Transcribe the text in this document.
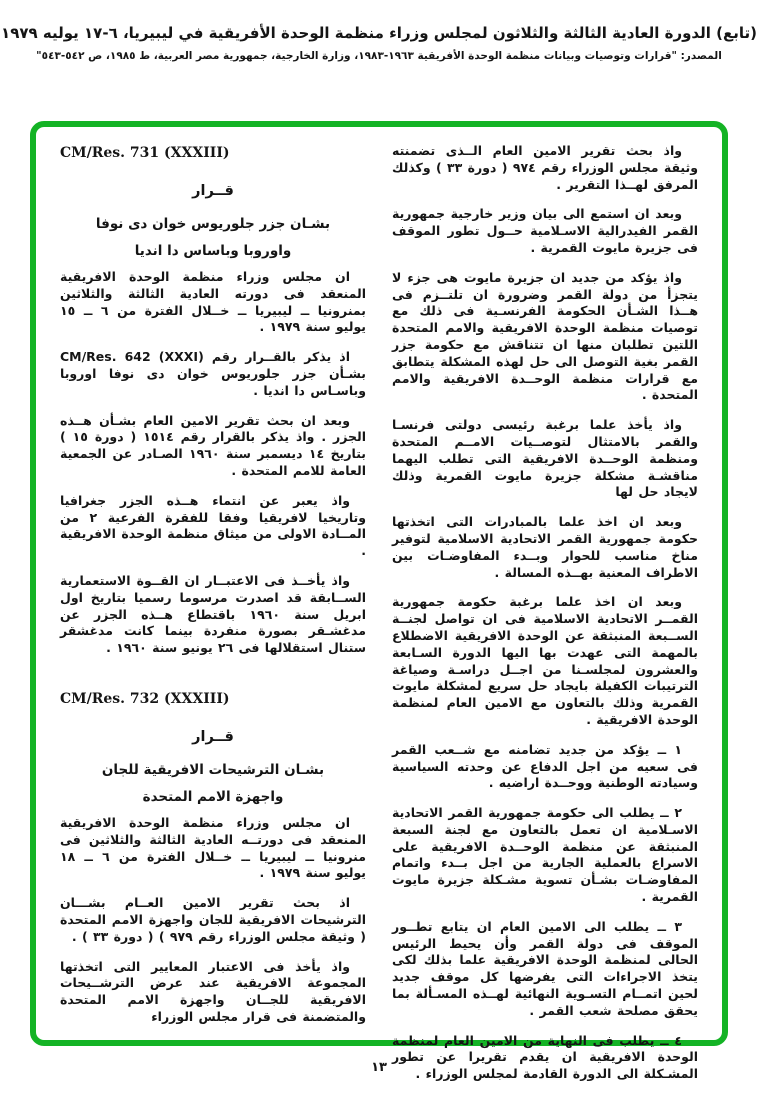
(تابع) الدورة العادية الثالثة والثلاثون لمجلس وزراء منظمة الوحدة الأفريقية في ليبيريا، ٦-١٧ يوليه ١٩٧٩
المصدر: "قرارات وتوصيات وبيانات منظمة الوحدة الأفريقية ١٩٦٣-١٩٨٣، وزارة الخارجية، جمهورية مصر العربية، ط ١٩٨٥، ص ٥٤٢-٥٤٣"

واذ بحث تقرير الامين العام الــذى تضمنته وثيقة مجلس الوزراء رقم ٩٧٤ ( دورة ٣٣ ) وكذلك المرفق لهــذا التقرير .

وبعد ان استمع الى بيان وزير خارجية جمهورية القمر الفيدرالية الاسـلامية حــول تطور الموقف فى جزيرة مايوت القمرية .

واذ يؤكد من جديد ان جزيرة مايوت هى جزء لا يتجزأ من دولة القمر وضرورة ان تلتــزم فى هــذا الشـأن الحكومة الفرنسـية فى ذلك مع توصيات منظمة الوحدة الافريقية والامم المتحدة اللتين تطلبان منها ان تتناقش مع حكومة جزر القمر بغية التوصل الى حل لهذه المشكلة يتطابق مع قرارات منظمة الوحــدة الافريقية والامم المتحدة .

واذ يأخذ علما برغبة رئيسى دولتى فرنسـا والقمر بالامتثال لتوصــيات الامــم المتحدة ومنظمة الوحــدة الافريقية التى تطلب اليهما مناقشـة مشكلة جزيرة مايوت القمرية وذلك لايجاد حل لها

وبعد ان اخذ علما بالمبادرات التى اتخذتها حكومة جمهورية القمر الاتحادية الاسلامية لتوفير مناخ مناسب للحوار وبــدء المفاوضـات بين الاطراف المعنية بهــذه المسالة .

وبعد ان اخذ علما برغبة حكومة جمهورية القمــر الاتحادية الاسلامية فى ان تواصل لجنــة الســبعة المنبثقة عن الوحدة الافريقية الاضطلاع بالمهمة التى عهدت بها اليها الدورة السـابعة والعشرون لمجلسـنا من اجــل دراسـة وصياغة الترتيبات الكفيلة بايجاد حل سريع لمشكلة مايوت القمرية وذلك بالتعاون مع الامين العام لمنظمة الوحدة الافريقية .

١ ــ يؤكد من جديد تضامنه مع شــعب القمر فى سعيه من اجل الدفاع عن وحدته السياسية وسيادته الوطنية ووحــدة اراضيه .

٢ ــ يطلب الى حكومة جمهورية القمر الاتحادية الاسـلامية ان تعمل بالتعاون مع لجنة السبعة المنبثقة عن منظمة الوحــدة الافريقية على الاسراع بالعملية الجارية من اجل بــدء واتمام المفاوضـات بشـأن تسوية مشـكلة جزيرة مايوت القمرية .

٣ ــ يطلب الى الامين العام ان يتابع تطــور الموقف فى دولة القمر وأن يحيط الرئيس الحالى لمنظمة الوحدة الافريقية علما بذلك لكى يتخذ الاجراءات التى يفرضها كل موقف جديد لحين اتمــام التسـوية النهائية لهــذه المسـألة بما يحقق مصلحة شعب القمر .

٤ ــ يطلب فى النهاية من الامين العام لمنظمة الوحدة الافريقية ان يقدم تقريرا عن تطور المشـكلة الى الدورة القادمة لمجلس الوزراء .

CM/Res. 731 (XXXIII)
قــرار
بشـان جزر جلوريوس خوان دى نوفا
واوروبا وباساس دا انديا

ان مجلس وزراء منظمة الوحدة الافريقية المنعقد فى دورته العادية الثالثة والثلاثين بمنرونيا ــ ليبيريا ــ خــلال الفترة من ٦ ــ ١٥ يوليو سنة ١٩٧٩ .

اذ يذكر بالقــرار رقم CM/Res. 642 (XXXI) بشـأن جزر جلوريوس خوان دى نوفا اوروبا وباسـاس دا انديا .

وبعد ان بحث تقرير الامين العام بشـأن هــذه الجزر . واذ يذكر بالقرار رقم ١٥١٤ ( دورة ١٥ ) بتاريخ ١٤ ديسمبر سنة ١٩٦٠ الصـادر عن الجمعية العامة للامم المتحدة .

واذ يعبر عن انتماء هــذه الجزر جغرافيا وتاريخيا لافريقيا وفقا للفقرة الفرعية ٢ من المــادة الاولى من ميثاق منظمة الوحدة الافريقية .

واذ يأخــذ فى الاعتبــار ان القــوة الاستعمارية الســابقة قد اصدرت مرسوما رسميا بتاريخ اول ابريل سنة ١٩٦٠ باقتطاع هــذه الجزر عن مدغشـقر بصورة منفردة بينما كانت مدغشقر ستنال استقلالها فى ٢٦ يونيو سنة ١٩٦٠ .

CM/Res. 732 (XXXIII)
قــرار
بشـان الترشيحات الافريقية للجان
واجهزة الامم المتحدة

ان مجلس وزراء منظمة الوحدة الافريقية المنعقد فى دورتــه العادية الثالثة والثلاثين فى منرونيا ــ ليبيريا ــ خــلال الفترة من ٦ ــ ١٨ يوليو سنة ١٩٧٩ .

اذ بحث تقرير الامين العــام بشـــان الترشيحات الافريقية للجان واجهزة الامم المتحدة ( وثيقة مجلس الوزراء رقم ٩٧٩ ) ( دورة ٣٣ ) .

واذ يأخذ فى الاعتبار المعايير التى اتخذتها المجموعة الافريقية عند عرض الترشــيحات الافريقية للجــان واجهزة الامم المتحدة والمتضمنة فى قرار مجلس الوزراء

١٣
